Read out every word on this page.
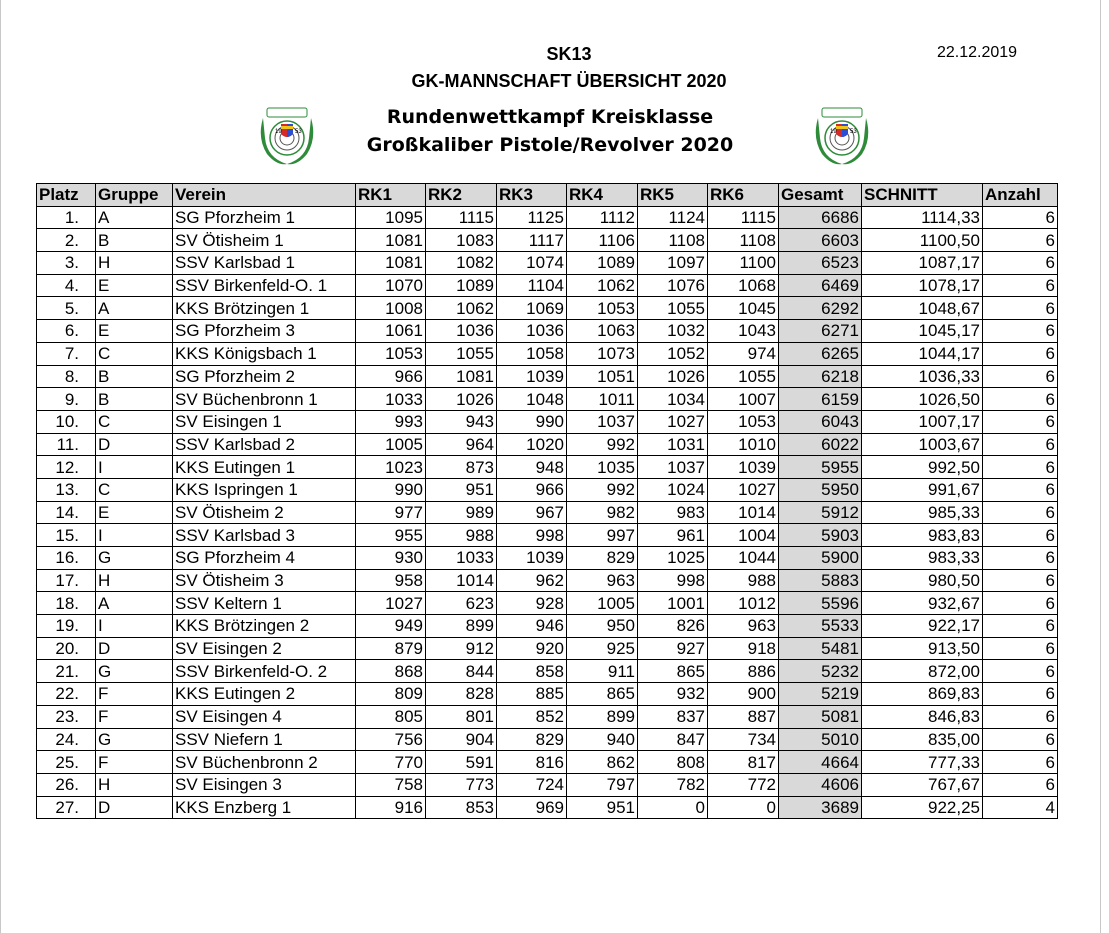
SK13
GK-MANNSCHAFT ÜBERSICHT 2020
22.12.2019
Rundenwettkampf Kreisklasse
Großkaliber Pistole/Revolver 2020
19 53	19 53
Platz	Gruppe	Verein	RK1	RK2	RK3	RK4	RK5	RK6	Gesamt	SCHNITT	Anzahl
1.	A	SG Pforzheim 1	1095	1115	1125	1112	1124	1115	6686	1114,33	6
2.	B	SV Ötisheim 1	1081	1083	1117	1106	1108	1108	6603	1100,50	6
3.	H	SSV Karlsbad 1	1081	1082	1074	1089	1097	1100	6523	1087,17	6
4.	E	SSV Birkenfeld-O. 1	1070	1089	1104	1062	1076	1068	6469	1078,17	6
5.	A	KKS Brötzingen 1	1008	1062	1069	1053	1055	1045	6292	1048,67	6
6.	E	SG Pforzheim 3	1061	1036	1036	1063	1032	1043	6271	1045,17	6
7.	C	KKS Königsbach 1	1053	1055	1058	1073	1052	974	6265	1044,17	6
8.	B	SG Pforzheim 2	966	1081	1039	1051	1026	1055	6218	1036,33	6
9.	B	SV Büchenbronn 1	1033	1026	1048	1011	1034	1007	6159	1026,50	6
10.	C	SV Eisingen 1	993	943	990	1037	1027	1053	6043	1007,17	6
11.	D	SSV Karlsbad 2	1005	964	1020	992	1031	1010	6022	1003,67	6
12.	I	KKS Eutingen 1	1023	873	948	1035	1037	1039	5955	992,50	6
13.	C	KKS Ispringen 1	990	951	966	992	1024	1027	5950	991,67	6
14.	E	SV Ötisheim 2	977	989	967	982	983	1014	5912	985,33	6
15.	I	SSV Karlsbad 3	955	988	998	997	961	1004	5903	983,83	6
16.	G	SG Pforzheim 4	930	1033	1039	829	1025	1044	5900	983,33	6
17.	H	SV Ötisheim 3	958	1014	962	963	998	988	5883	980,50	6
18.	A	SSV Keltern 1	1027	623	928	1005	1001	1012	5596	932,67	6
19.	I	KKS Brötzingen 2	949	899	946	950	826	963	5533	922,17	6
20.	D	SV Eisingen 2	879	912	920	925	927	918	5481	913,50	6
21.	G	SSV Birkenfeld-O. 2	868	844	858	911	865	886	5232	872,00	6
22.	F	KKS Eutingen 2	809	828	885	865	932	900	5219	869,83	6
23.	F	SV Eisingen 4	805	801	852	899	837	887	5081	846,83	6
24.	G	SSV Niefern 1	756	904	829	940	847	734	5010	835,00	6
25.	F	SV Büchenbronn 2	770	591	816	862	808	817	4664	777,33	6
26.	H	SV Eisingen 3	758	773	724	797	782	772	4606	767,67	6
27.	D	KKS Enzberg 1	916	853	969	951	0	0	3689	922,25	4
